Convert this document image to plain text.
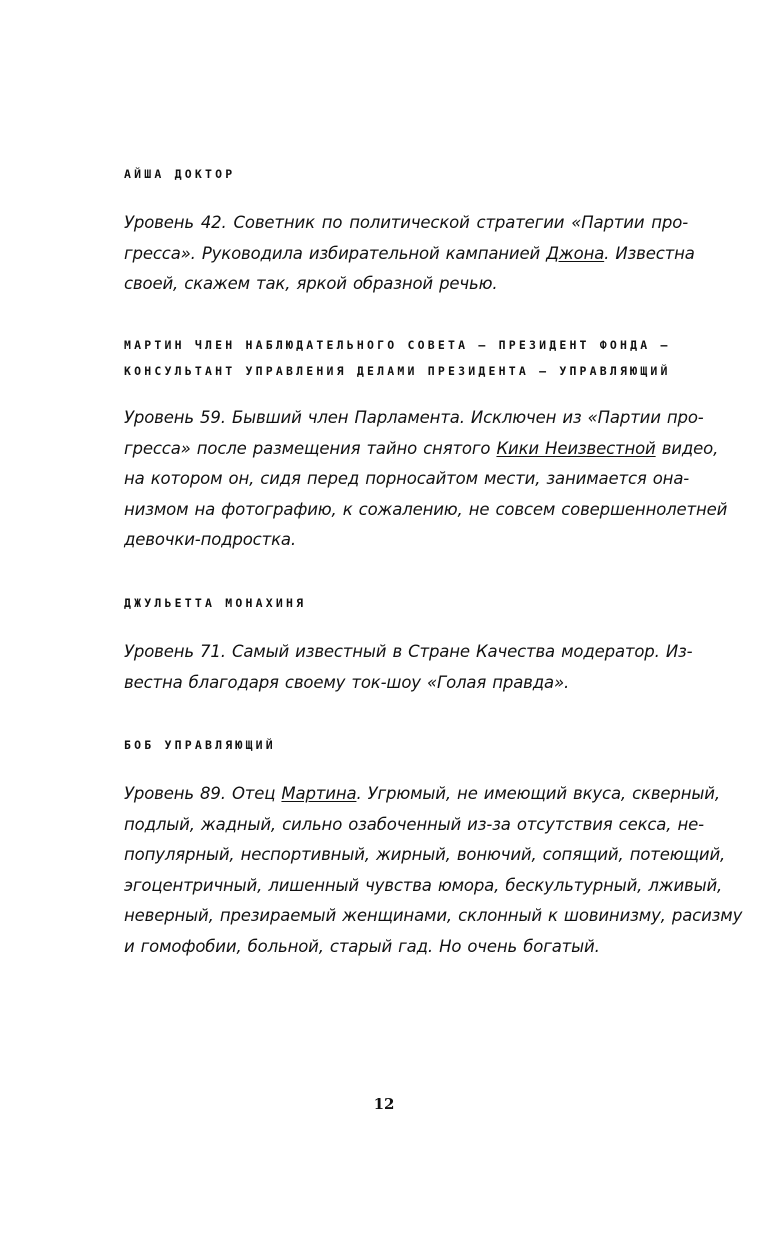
АЙША ДОКТОР

Уровень 42. Советник по политической стратегии «Партии про-
грессa». Руководила избирательной кампанией Джона. Известна
своей, скажем так, яркой образной речью.

МАРТИН ЧЛЕН НАБЛЮДАТЕЛЬНОГО СОВЕТА — ПРЕЗИДЕНТ ФОНДА —
КОНСУЛЬТАНТ УПРАВЛЕНИЯ ДЕЛАМИ ПРЕЗИДЕНТА — УПРАВЛЯЮЩИЙ

Уровень 59. Бывший член Парламента. Исключен из «Партии про-
гресса» после размещения тайно снятого Кики Неизвестной видео,
на котором он, сидя перед порносайтом мести, занимается она-
низмом на фотографию, к сожалению, не совсем совершеннолетней
девочки-подростка.

ДЖУЛЬЕТТА МОНАХИНЯ

Уровень 71. Самый известный в Стране Качества модератор. Из-
вестна благодаря своему ток-шоу «Голая правда».

БОБ УПРАВЛЯЮЩИЙ

Уровень 89. Отец Мартина. Угрюмый, не имеющий вкуса, скверный,
подлый, жадный, сильно озабоченный из-за отсутствия секса, не-
популярный, неспортивный, жирный, вонючий, сопящий, потеющий,
эгоцентричный, лишенный чувства юмора, бескультурный, лживый,
неверный, презираемый женщинами, склонный к шовинизму, расизму
и гомофобии, больной, старый гад. Но очень богатый.

12
